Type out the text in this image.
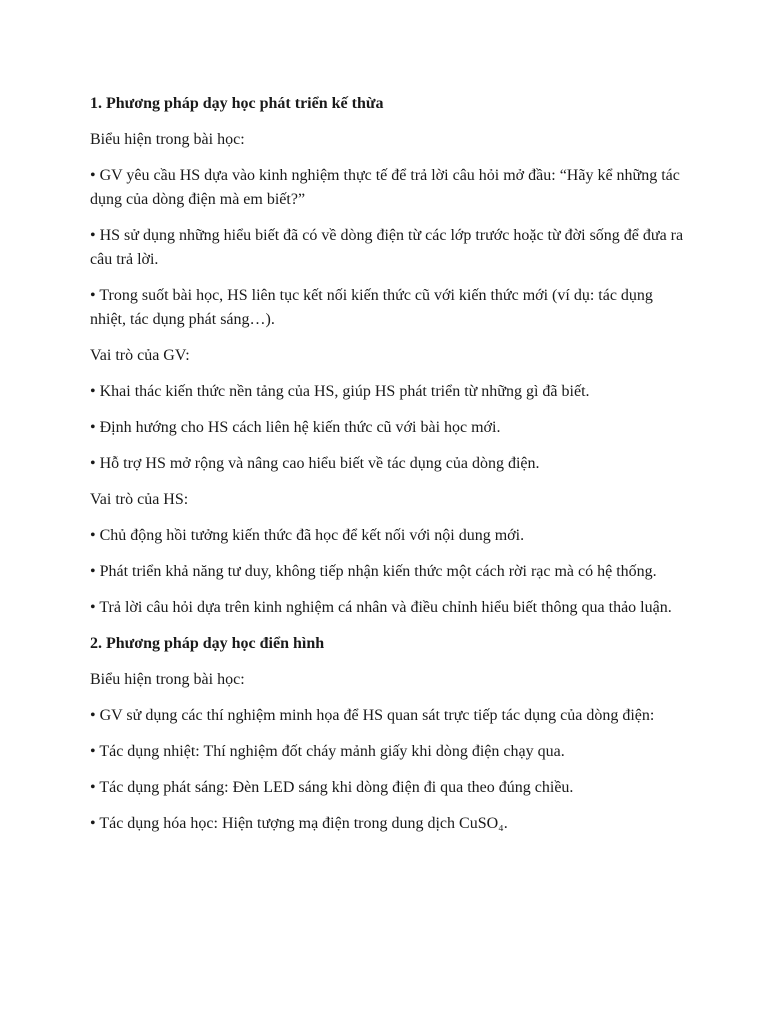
1. Phương pháp dạy học phát triển kế thừa
Biểu hiện trong bài học:
• GV yêu cầu HS dựa vào kinh nghiệm thực tế để trả lời câu hỏi mở đầu: “Hãy kể những tác dụng của dòng điện mà em biết?”
• HS sử dụng những hiểu biết đã có về dòng điện từ các lớp trước hoặc từ đời sống để đưa ra câu trả lời.
• Trong suốt bài học, HS liên tục kết nối kiến thức cũ với kiến thức mới (ví dụ: tác dụng nhiệt, tác dụng phát sáng…).
Vai trò của GV:
• Khai thác kiến thức nền tảng của HS, giúp HS phát triển từ những gì đã biết.
• Định hướng cho HS cách liên hệ kiến thức cũ với bài học mới.
• Hỗ trợ HS mở rộng và nâng cao hiểu biết về tác dụng của dòng điện.
Vai trò của HS:
• Chủ động hồi tưởng kiến thức đã học để kết nối với nội dung mới.
• Phát triển khả năng tư duy, không tiếp nhận kiến thức một cách rời rạc mà có hệ thống.
• Trả lời câu hỏi dựa trên kinh nghiệm cá nhân và điều chỉnh hiểu biết thông qua thảo luận.
2. Phương pháp dạy học điển hình
Biểu hiện trong bài học:
• GV sử dụng các thí nghiệm minh họa để HS quan sát trực tiếp tác dụng của dòng điện:
• Tác dụng nhiệt: Thí nghiệm đốt cháy mảnh giấy khi dòng điện chạy qua.
• Tác dụng phát sáng: Đèn LED sáng khi dòng điện đi qua theo đúng chiều.
• Tác dụng hóa học: Hiện tượng mạ điện trong dung dịch CuSO₄.
